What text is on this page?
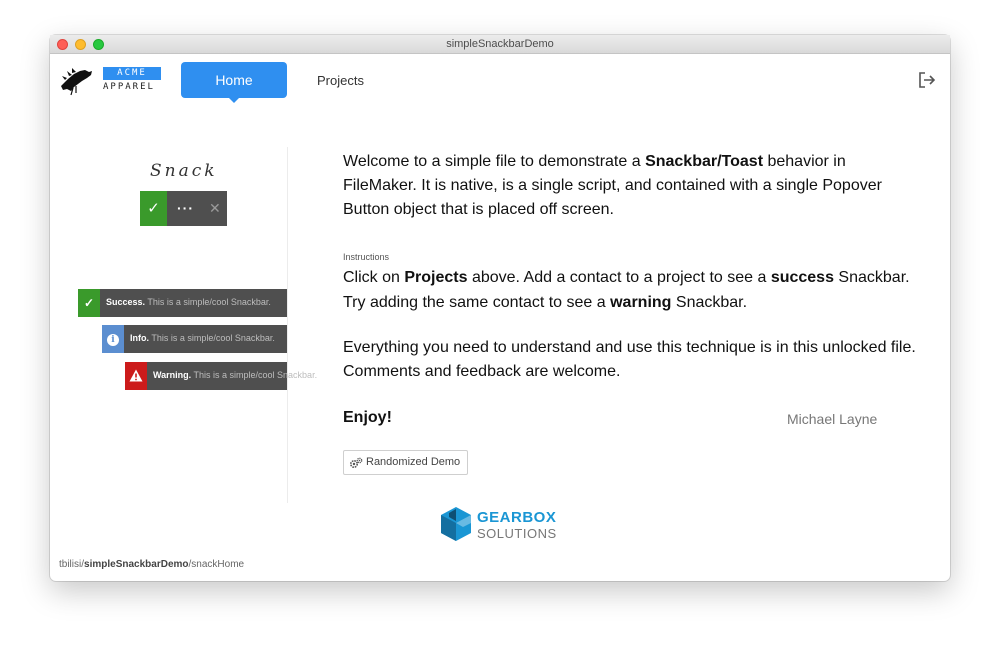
simpleSnackbarDemo
ACME
APPAREL	Home	Projects
Snack
✓	··· ✕
✓	Success. This is a simple/cool Snackbar.
i	Info. This is a simple/cool Snackbar.
Warning. This is a simple/cool Snackbar.
Welcome to a simple file to demonstrate a Snackbar/Toast behavior in FileMaker. It is native, is a single script, and contained with a single Popover Button object that is placed off screen.
Instructions
Click on Projects above. Add a contact to a project to see a success Snackbar. Try adding the same contact to see a warning Snackbar.
Everything you need to understand and use this technique is in this unlocked file. Comments and feedback are welcome.
Enjoy!	Michael Layne
Randomized Demo
GEARBOX
SOLUTIONS
tbilisi/simpleSnackbarDemo/snackHome
